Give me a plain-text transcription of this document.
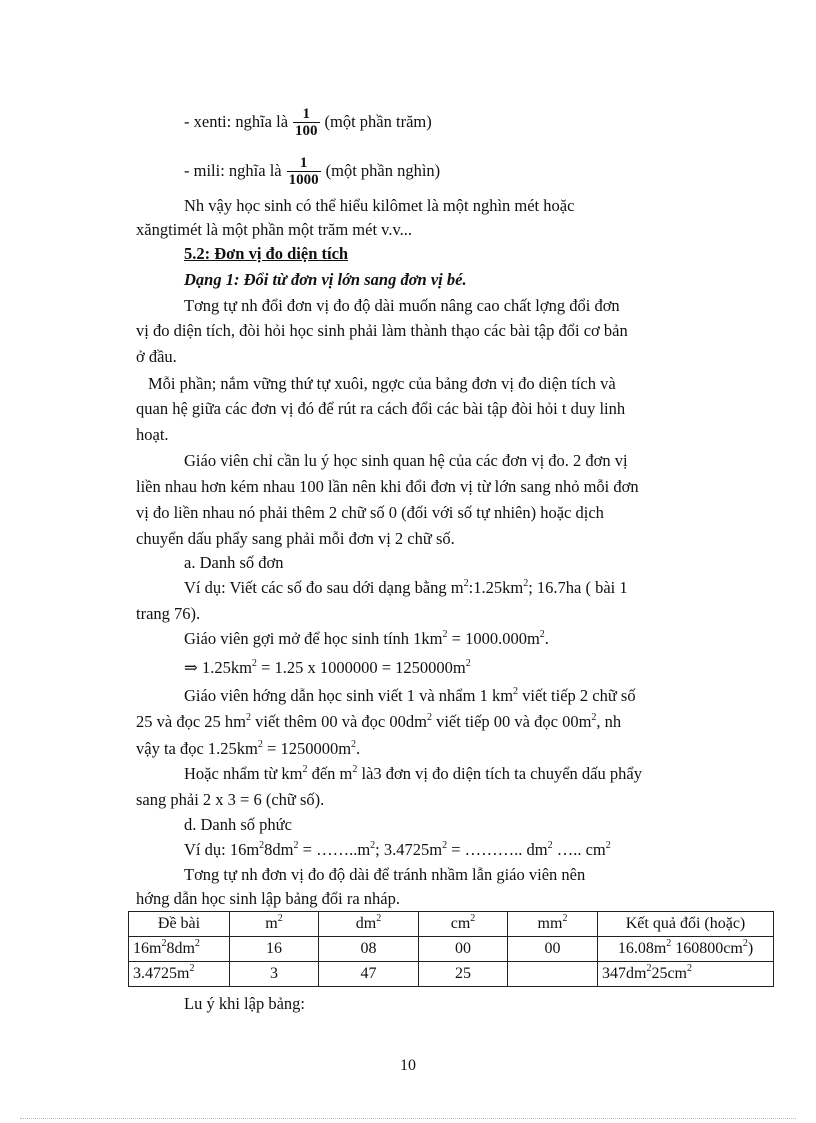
- xenti: nghĩa là $\frac{1}{100}$ (một phần trăm)
- mili: nghĩa là $\frac{1}{1000}$ (một phần nghìn)
Nh vậy học sinh có thể hiểu kilômet là một nghìn mét hoặc
xăngtimét là một phần một trăm mét v.v...
5.2: Đơn vị đo diện tích
Dạng 1: Đổi từ đơn vị lớn sang đơn vị bé.
Tơng tự nh đổi đơn vị đo độ dài muốn nâng cao chất lợng đổi đơn
vị đo diện tích, đòi hỏi học sinh phải làm thành thạo các bài tập đổi cơ bản
ở đầu.
Mỗi phần; nắm vững thứ tự xuôi, ngợc của bảng đơn vị đo diện tích và
quan hệ giữa các đơn vị đó để rút ra cách đổi các bài tập đòi hỏi t duy linh
hoạt.
Giáo viên chỉ cần lu ý học sinh quan hệ của các đơn vị đo. 2 đơn vị
liền nhau hơn kém nhau 100 lần nên khi đổi đơn vị từ lớn sang nhỏ mỗi đơn
vị đo liền nhau nó phải thêm 2 chữ số 0 (đối với số tự nhiên) hoặc dịch
chuyển dấu phẩy sang phải mỗi đơn vị 2 chữ số.
a. Danh số đơn
Ví dụ: Viết các số đo sau dới dạng bằng $m^2:1.25km^2$; 16.7ha ( bài 1
trang 76).
Giáo viên gợi mở để học sinh tính $1km^2 = 1000.000m^2$.
⇒ $1.25km^2 = 1.25$ x $1000000 = 1250000m^2$
Giáo viên hớng dẫn học sinh viết 1 và nhẩm 1 $km^2$ viết tiếp 2 chữ số
25 và đọc 25 $hm^2$ viết thêm 00 và đọc $00dm^2$ viết tiếp 00 và đọc $00m^2$, nh
vậy ta đọc $1.25km^2 = 1250000m^2$.
Hoặc nhẩm từ $km^2$ đến $m^2$ là3 đơn vị đo diện tích ta chuyển dấu phẩy
sang phải 2 x 3 = 6 (chữ số).
d. Danh số phức
Ví dụ: $16m^28dm^2$ = $\dots\dots..m^2$; $3.4725m^2$ = ……….. $dm^2$ ….. $cm^2$
Tơng tự nh đơn vị đo độ dài để tránh nhầm lẫn giáo viên nên
hớng dẫn học sinh lập bảng đổi ra nháp.
Đề bài	$m^2$	$dm^2$	$cm^2$	$mm^2$	Kết quả đổi (hoặc)
$16m^28dm^2$	16	08	00	00	$16.08m^2$ $160800cm^2$)
$3.4725m^2$	3	47	25		$347dm^225cm^2$
Lu ý khi lập bảng:
10
